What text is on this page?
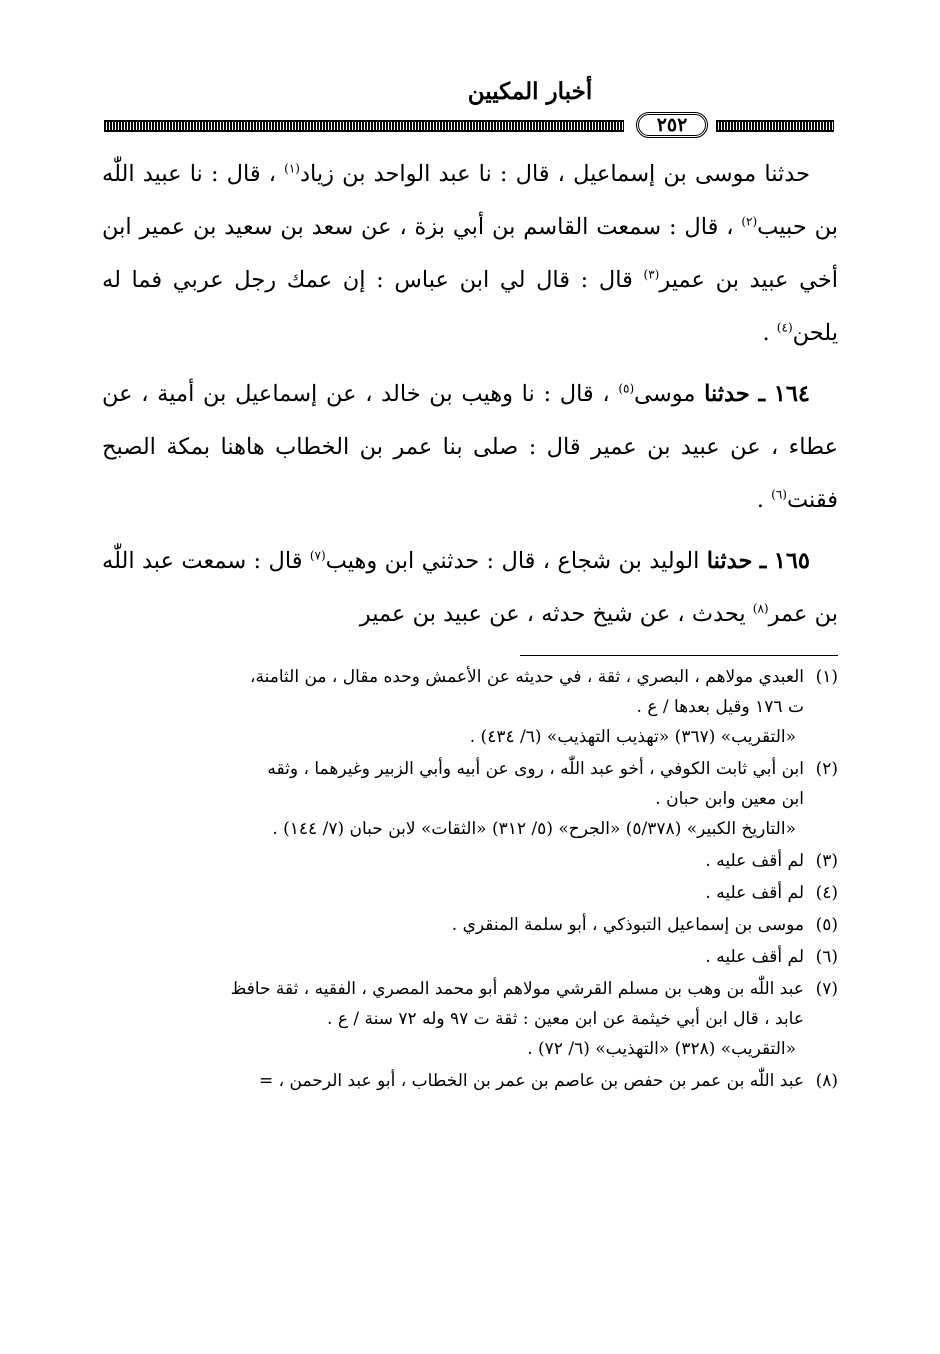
أخبار المكيين
٢٥٢

حدثنا موسى بن إسماعيل ، قال : نا عبد الواحد بن زياد$^{(١)}$ ، قال : نا عبيد اللّٰه بن حبيب$^{(٢)}$ ، قال : سمعت القاسم بن أبي بزة ، عن سعد بن سعيد بن عمير ابن أخي عبيد بن عمير$^{(٣)}$ قال : قال لي ابن عباس : إن عمك رجل عربي فما له يلحن$^{(٤)}$ .

١٦٤ ـ حدثنا موسى$^{(٥)}$ ، قال : نا وهيب بن خالد ، عن إسماعيل بن أمية ، عن عطاء ، عن عبيد بن عمير قال : صلى بنا عمر بن الخطاب هاهنا بمكة الصبح فقنت$^{(٦)}$ .

١٦٥ ـ حدثنا الوليد بن شجاع ، قال : حدثني ابن وهيب$^{(٧)}$ قال : سمعت عبد اللّٰه بن عمر$^{(٨)}$ يحدث ، عن شيخ حدثه ، عن عبيد بن عمير

(١)العبدي مولاهم ، البصري ، ثقة ، في حديثه عن الأعمش وحده مقال ، من الثامنة،
ت ١٧٦ وقيل بعدها / ع .
«التقريب» (٣٦٧) «تهذيب التهذيب» (٦/ ٤٣٤) .
(٢)ابن أبي ثابت الكوفي ، أخو عبد اللّٰه ، روى عن أبيه وأبي الزبير وغيرهما ، وثقه
ابن معين وابن حبان .
«التاريخ الكبير» (٥/٣٧٨) «الجرح» (٥/ ٣١٢) «الثقات» لابن حبان (٧/ ١٤٤) .
(٣)لم أقف عليه .
(٤)لم أقف عليه .
(٥)موسى بن إسماعيل التبوذكي ، أبو سلمة المنقري .
(٦)لم أقف عليه .
(٧)عبد اللّٰه بن وهب بن مسلم القرشي مولاهم أبو محمد المصري ، الفقيه ، ثقة حافظ
عابد ، قال ابن أبي خيثمة عن ابن معين : ثقة ت ٩٧ وله ٧٢ سنة / ع .
«التقريب» (٣٢٨) «التهذيب» (٦/ ٧٢) .
(٨)عبد اللّٰه بن عمر بن حفص بن عاصم بن عمر بن الخطاب ، أبو عبد الرحمن ، =
